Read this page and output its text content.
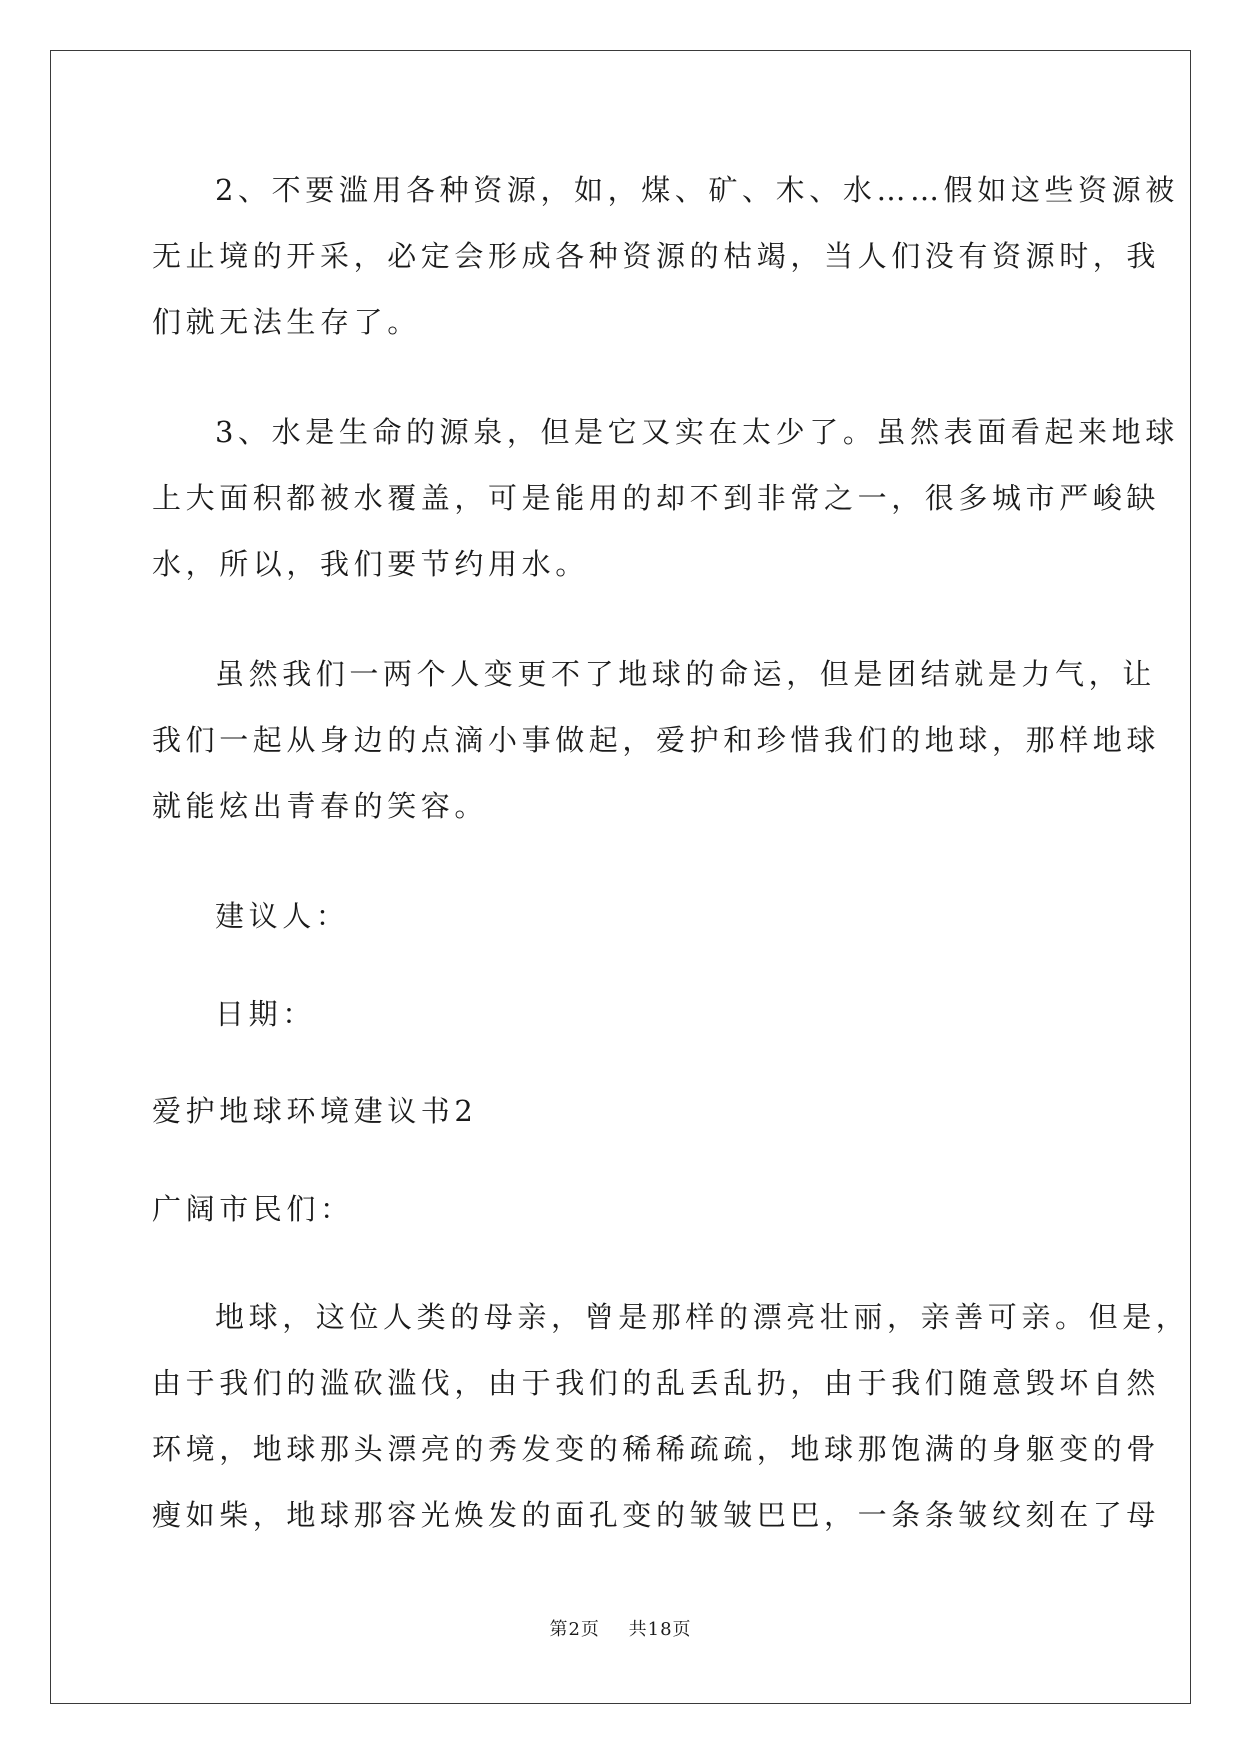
2、不要滥用各种资源，如，煤、矿、木、水……假如这些资源被
无止境的开采，必定会形成各种资源的枯竭，当人们没有资源时，我
们就无法生存了。
3、水是生命的源泉，但是它又实在太少了。虽然表面看起来地球
上大面积都被水覆盖，可是能用的却不到非常之一，很多城市严峻缺
水，所以，我们要节约用水。
虽然我们一两个人变更不了地球的命运，但是团结就是力气，让
我们一起从身边的点滴小事做起，爱护和珍惜我们的地球，那样地球
就能炫出青春的笑容。
建议人：
日期：
爱护地球环境建议书2
广阔市民们：
地球，这位人类的母亲，曾是那样的漂亮壮丽，亲善可亲。但是，
由于我们的滥砍滥伐，由于我们的乱丢乱扔，由于我们随意毁坏自然
环境，地球那头漂亮的秀发变的稀稀疏疏，地球那饱满的身躯变的骨
瘦如柴，地球那容光焕发的面孔变的皱皱巴巴，一条条皱纹刻在了母
第2页 共18页
